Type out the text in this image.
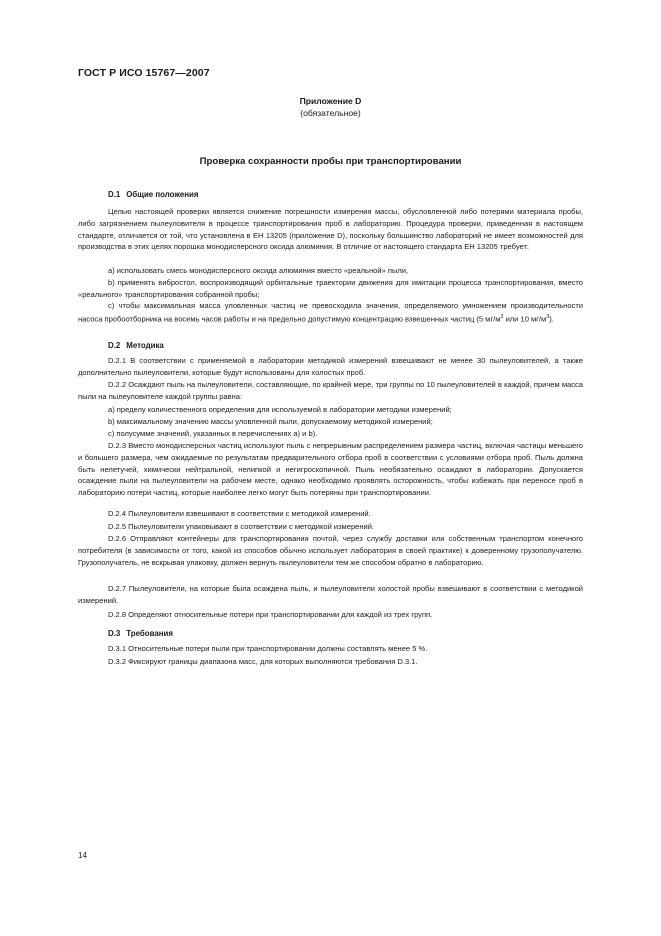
ГОСТ Р ИСО 15767—2007
Приложение D
(обязательное)
Проверка сохранности пробы при транспортировании
D.1 Общие положения
Целью настоящей проверки является снижение погрешности измерения массы, обусловленной либо потерями материала пробы, либо загрязнением пылеуловителя в процессе транспортирования проб в лабораторию. Процедура проверки, приведенная в настоящем стандарте, отличается от той, что установлена в ЕН 13205 (приложение D), поскольку большинство лабораторий не имеет возможностей для производства в этих целях порошка монодисперсного оксида алюминия. В отличие от настоящего стандарта ЕН 13205 требует:
а) использовать смесь монодисперсного оксида алюминия вместо «реальной» пыли,
b) применять вибростол, воспроизводящий орбитальные траектории движения для имитации процесса транспортирования, вместо «реального» транспортирования собранной пробы;
с) чтобы максимальная масса уловленных частиц не превосходила значения, определяемого умножением производительности насоса пробоотборника на восемь часов работы и на предельно допустимую концентрацию взвешенных частиц (5 $мг/м^3$ или 10 $мг/м^3$).
D.2 Методика
D.2.1 В соответствии с применяемой в лаборатории методикой измерений взвешивают не менее 30 пылеуловителей, а также дополнительно пылеуловители, которые будут использованы для холостых проб.
D.2.2 Осаждают пыль на пылеуловители, составляющие, по крайней мере, три группы по 10 пылеуловителей в каждой, причем масса пыли на пылеуловителе каждой группы равна:
а) пределу количественного определения для используемой в лаборатории методики измерений;
b) максимальному значению массы уловленной пыли, допускаемому методикой измерений;
с) полусумме значений, указанных в перечислениях а) и b).
D.2.3 Вместо монодисперсных частиц используют пыль с непрерывным распределением размера частиц, включая частицы меньшего и большего размера, чем ожидаемые по результатам предварительного отбора проб в соответствии с условиями отбора проб. Пыль должна быть нелетучей, химически нейтральной, нелипкой и негигроскопичной. Пыль необязательно осаждают в лаборатории. Допускается осаждение пыли на пылеуловители на рабочем месте, однако необходимо проявлять осторожность, чтобы избежать при переносе проб в лабораторию потери частиц, которые наиболее легко могут быть потеряны при транспортировании.
D.2.4 Пылеуловители взвешивают в соответствии с методикой измерений.
D.2.5 Пылеуловители упаковывают в соответствии с методикой измерений.
D.2.6 Отправляют контейнеры для транспортирования почтой, через службу доставки или собственным транспортом конечного потребителя (в зависимости от того, какой из способов обычно использует лаборатория в своей практике) к доверенному грузополучателю. Грузополучатель, не вскрывая упаковку, должен вернуть пылеуловители тем же способом обратно в лабораторию.
D.2.7 Пылеуловители, на которые была осаждена пыль, и пылеуловители холостой пробы взвешивают в соответствии с методикой измерений.
D.2.8 Определяют относительные потери при транспортировании для каждой из трех групп.
D.3 Требования
D.3.1 Относительные потери пыли при транспортировании должны составлять менее 5 %.
D.3.2 Фиксируют границы диапазона масс, для которых выполняются требования D.3.1.
14
